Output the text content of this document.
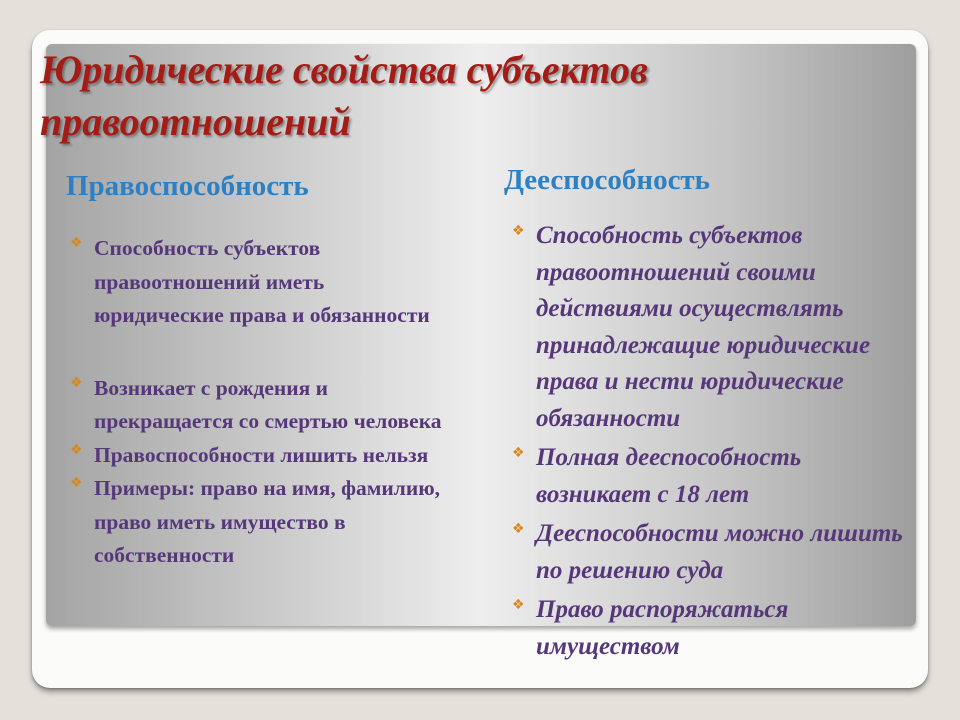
Юридические свойства субъектов правоотношений
Правоспособность	Дееспособность
❖ Способность субъектов правоотношений иметь юридические права и обязанности
❖ Возникает с рождения и прекращается со смертью человека
❖ Правоспособности лишить нельзя
❖ Примеры: право на имя, фамилию, право иметь имущество в собственности
❖ Способность субъектов правоотношений своими действиями осуществлять принадлежащие юридические права и нести юридические обязанности
❖ Полная дееспособность возникает с 18 лет
❖ Дееспособности можно лишить по решению суда
❖ Право распоряжаться имуществом
